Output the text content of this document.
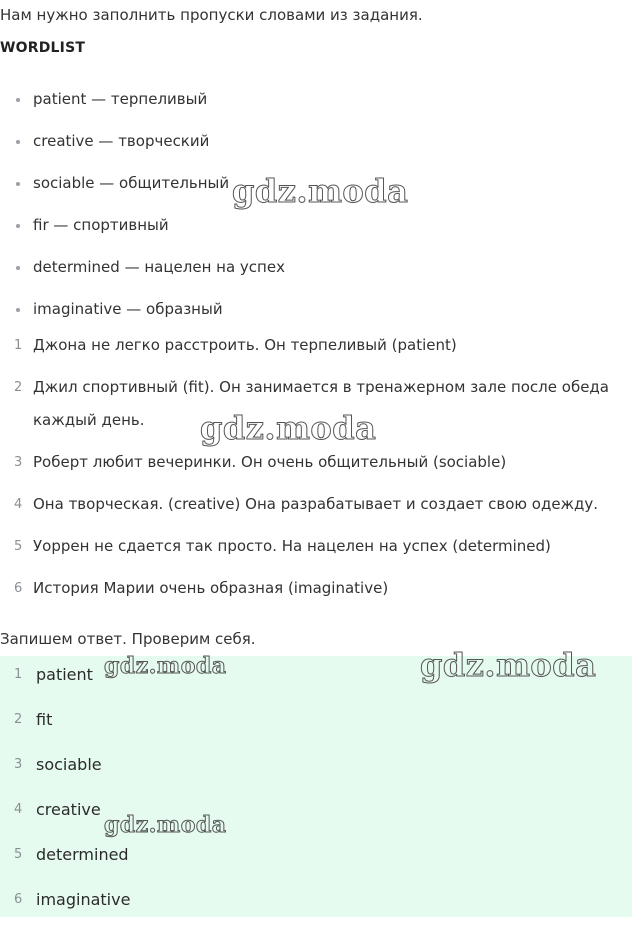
Нам нужно заполнить пропуски словами из задания.
WORDLIST
patient — терпеливый
creative — творческий
sociable — общительный
fir — спортивный
determined — нацелен на успех
imaginative — образный
1 Джона не легко расстроить. Он терпеливый (patient)
2 Джил спортивный (fit). Он занимается в тренажерном зале после обеда каждый день.
3 Роберт любит вечеринки. Он очень общительный (sociable)
4 Она творческая. (creative) Она разрабатывает и создает свою одежду.
5 Уоррен не сдается так просто. На нацелен на успех (determined)
6 История Марии очень образная (imaginative)
Запишем ответ. Проверим себя.
1 patient
2 fit
3 sociable
4 creative
5 determined
6 imaginative
gdz.moda
gdz.moda
